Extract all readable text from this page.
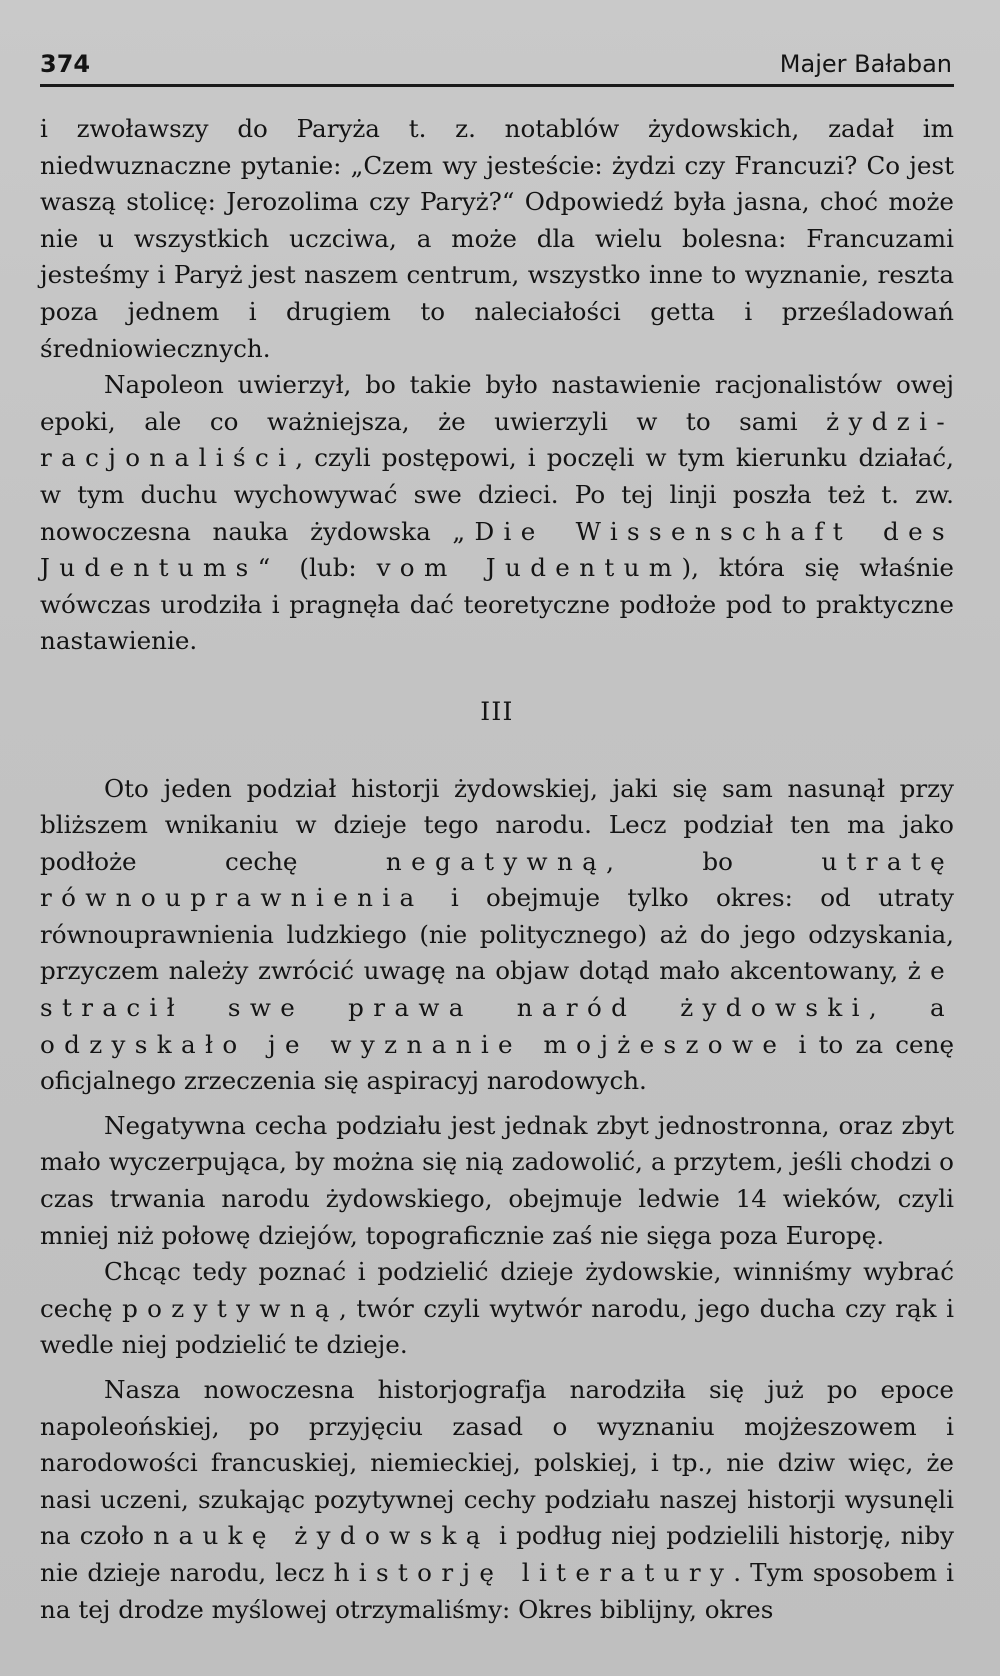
374	Majer Bałaban

i zwoławszy do Paryża t. z. notablów żydowskich, zadał im niedwuznaczne pytanie: „Czem wy jesteście: żydzi czy Francuzi? Co jest waszą stolicę: Jerozolima czy Paryż?“ Odpowiedź była jasna, choć może nie u wszystkich uczciwa, a może dla wielu bolesna: Francuzami jesteśmy i Paryż jest naszem centrum, wszystko inne to wyznanie, reszta poza jednem i drugiem to naleciałości getta i prześladowań średniowiecznych.

Napoleon uwierzył, bo takie było nastawienie racjonalistów owej epoki, ale co ważniejsza, że uwierzyli w to sami żydzi-racjonaliści, czyli postępowi, i poczęli w tym kierunku działać, w tym duchu wychowywać swe dzieci. Po tej linji poszła też t. zw. nowoczesna nauka żydowska „Die Wissenschaft des Judentums“ (lub: vom Judentum), która się właśnie wówczas urodziła i pragnęła dać teoretyczne podłoże pod to praktyczne nastawienie.

III

Oto jeden podział historji żydowskiej, jaki się sam nasunął przy bliższem wnikaniu w dzieje tego narodu. Lecz podział ten ma jako podłoże cechę negatywną, bo utratę równouprawnienia i obejmuje tylko okres: od utraty równouprawnienia ludzkiego (nie politycznego) aż do jego odzyskania, przyczem należy zwrócić uwagę na objaw dotąd mało akcentowany, że stracił swe prawa naród żydowski, a odzyskało je wyznanie mojżeszowe i to za cenę oficjalnego zrzeczenia się aspiracyj narodowych.

Negatywna cecha podziału jest jednak zbyt jednostronna, oraz zbyt mało wyczerpująca, by można się nią zadowolić, a przytem, jeśli chodzi o czas trwania narodu żydowskiego, obejmuje ledwie 14 wieków, czyli mniej niż połowę dziejów, topograficznie zaś nie sięga poza Europę.

Chcąc tedy poznać i podzielić dzieje żydowskie, winniśmy wybrać cechę pozytywną, twór czyli wytwór narodu, jego ducha czy rąk i wedle niej podzielić te dzieje.

Nasza nowoczesna historjografja narodziła się już po epoce napoleońskiej, po przyjęciu zasad o wyznaniu mojżeszowem i narodowości francuskiej, niemieckiej, polskiej, i tp., nie dziw więc, że nasi uczeni, szukając pozytywnej cechy podziału naszej historji wysunęli na czoło naukę żydowską i podług niej podzielili historję, niby nie dzieje narodu, lecz historję literatury. Tym sposobem i na tej drodze myślowej otrzymaliśmy: Okres biblijny, okres
